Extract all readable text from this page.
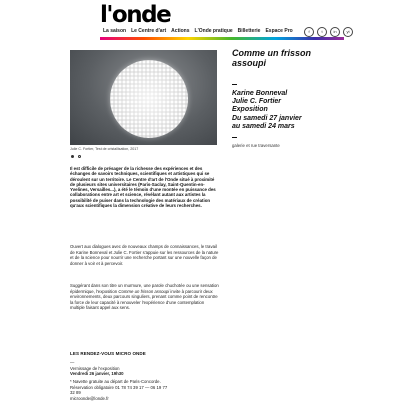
l'onde
La saison Le Centre d'art Actions L'Onde pratique Billetterie Espace Pro	f	t	in	yt
Julie C. Fortier, Test de cristallisation, 2017
Comme un frisson assoupi
Karine Bonneval
Julie C. Fortier
Exposition
Du samedi 27 janvier
au samedi 24 mars
galerie et rue traversante
Il est difficile de présager de la richesse des expériences et des échanges de savoirs techniques, scientifiques et artistiques qui se déroulent sur un territoire. Le Centre d'art de l'Onde situé à proximité de plusieurs sites universitaires (Paris-Saclay, Saint-Quentin-en-Yvelines, Versailles...), a été le témoin d'une montée en puissance des collaborations entre art et science, révélant autant aux artistes la possibilité de puiser dans la technologie des matériaux de création qu'aux scientifiques la dimension créative de leurs recherches.
Ouvert aux dialogues avec de nouveaux champs de connaissances, le travail de Karine Bonneval et Julie C. Fortier s'appuie sur les ressources de la nature et de la science pour nourrir une recherche portant sur une nouvelle façon de donner à voir et à percevoir.
Suggérant dans son titre un murmure, une parole chuchotée ou une sensation épidermique, l'exposition Comme un frisson assoupi invite à parcourir deux environnements, deux parcours singuliers, prenant comme point de rencontre la force de leur capacité à renouveler l'expérience d'une contemplation multiple faisant appel aux sens.
LES RENDEZ-VOUS MICRO ONDE
—
Vernissage de l'exposition
Vendredi 26 janvier, 19h30
* Navette gratuite au départ de Paris-Concorde.
Réservation obligatoire 01 78 74 39 17 — 06 19 77
32 89
microonde@londe.fr
